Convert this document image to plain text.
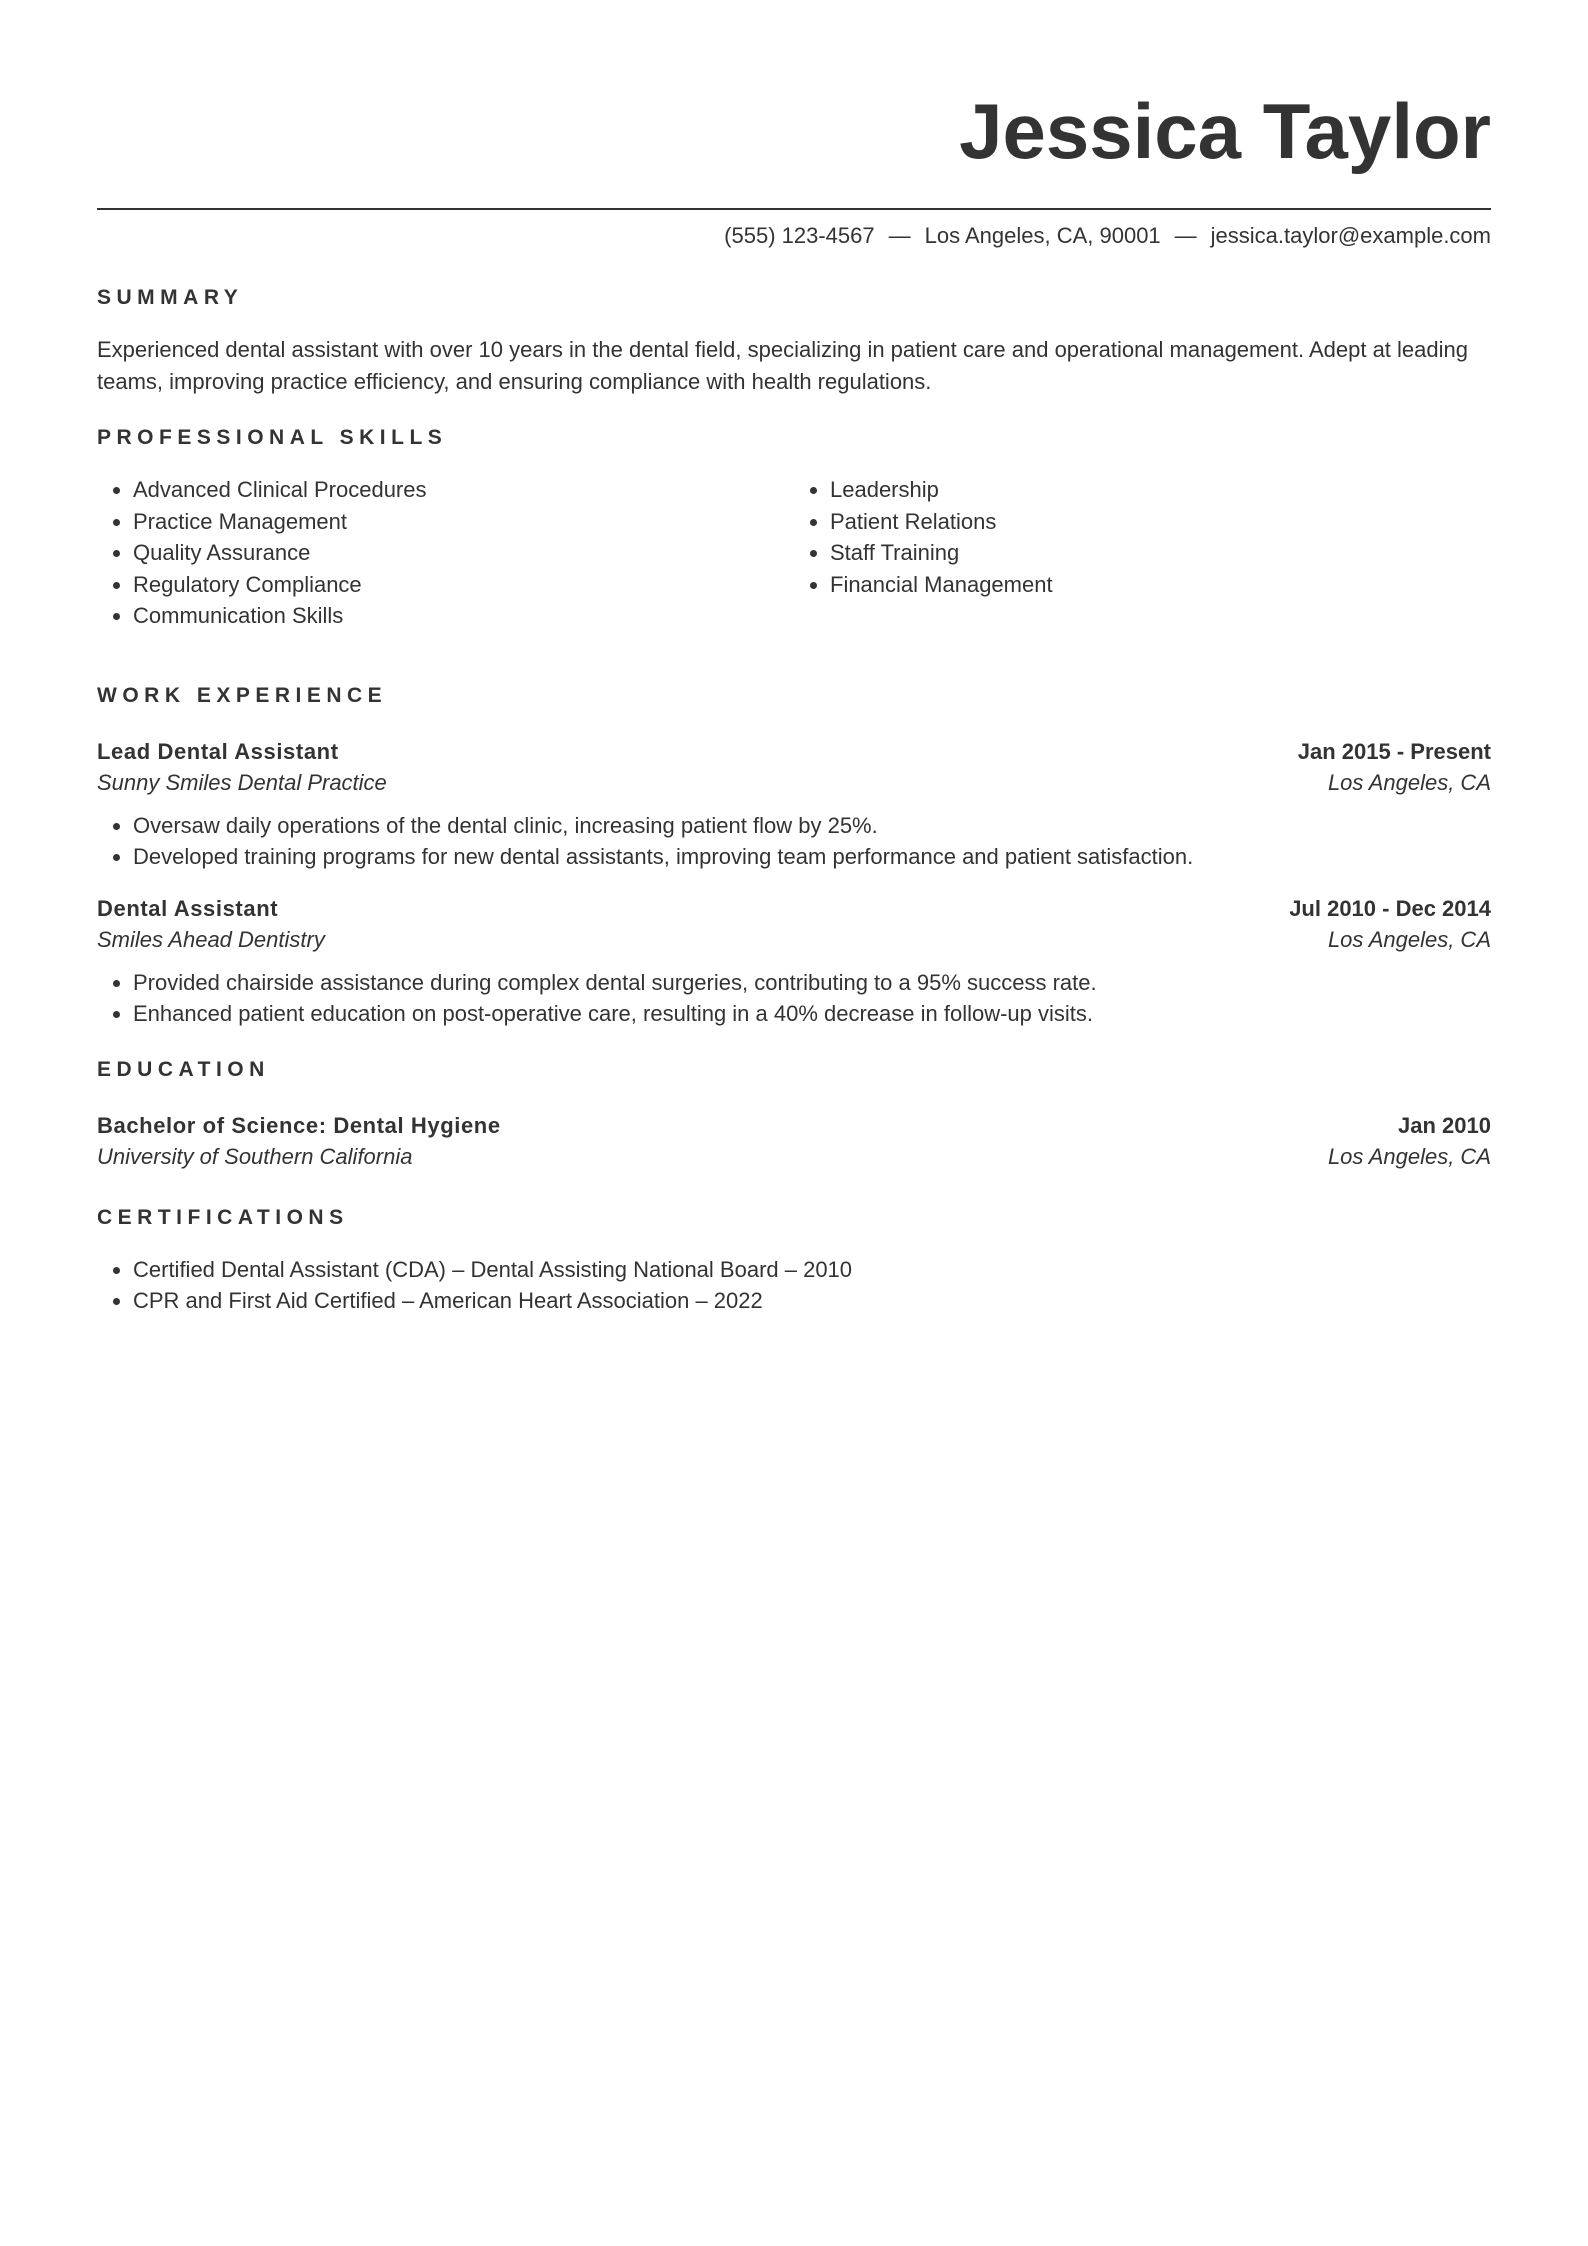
Jessica Taylor
(555) 123-4567 — Los Angeles, CA, 90001 — jessica.taylor@example.com
SUMMARY

Experienced dental assistant with over 10 years in the dental field, specializing in patient care and operational management. Adept at leading teams, improving practice efficiency, and ensuring compliance with health regulations.

PROFESSIONAL SKILLS
• Advanced Clinical Procedures
• Practice Management
• Quality Assurance
• Regulatory Compliance
• Communication Skills
• Leadership
• Patient Relations
• Staff Training
• Financial Management
WORK EXPERIENCE
Lead Dental Assistant	Jan 2015 - Present
Sunny Smiles Dental Practice	Los Angeles, CA
• Oversaw daily operations of the dental clinic, increasing patient flow by 25%.
• Developed training programs for new dental assistants, improving team performance and patient satisfaction.
Dental Assistant	Jul 2010 - Dec 2014
Smiles Ahead Dentistry	Los Angeles, CA
• Provided chairside assistance during complex dental surgeries, contributing to a 95% success rate.
• Enhanced patient education on post-operative care, resulting in a 40% decrease in follow-up visits.
EDUCATION
Bachelor of Science: Dental Hygiene	Jan 2010
University of Southern California	Los Angeles, CA
CERTIFICATIONS
• Certified Dental Assistant (CDA) – Dental Assisting National Board – 2010
• CPR and First Aid Certified – American Heart Association – 2022
